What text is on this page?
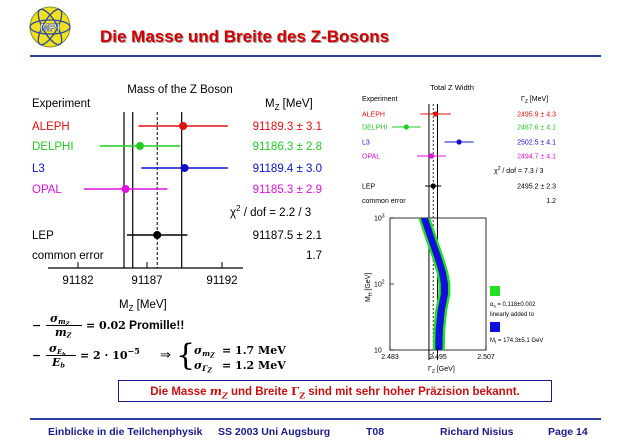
MPI Die Masse und Breite des Z-Bosons
Mass of the Z Boson
Experiment	$M_Z$ [MeV]
ALEPH	91189.3 ± 3.1
DELPHI	91186.3 ± 2.8
L3	91189.4 ± 3.0
OPAL	91185.3 ± 2.9
$\chi^2$ / dof = 2.2 / 3
LEP	91187.5 ± 2.1
common error	1.7
91182	91187	91192
$M_Z$ [MeV]
Total Z Width
Experiment	$\Gamma_Z$ [MeV]
ALEPH	2495.9 ± 4.3
DELPHI	2487.6 ± 4.1
L3	2502.5 ± 4.1
OPAL	2494.7 ± 4.1
$\chi^2$ / dof = 7.3 / 3
LEP	2495.2 ± 2.3
common error	1.2
$10^3$
$10^2$
10
2.483	2.495	2.507
$\Gamma_Z$ [GeV]
$M_H$ [GeV]
$\alpha_s = 0.118\pm 0.002$
linearly added to
$M_t = 174.3\pm 5.1$ GeV
−
σmZ
mZ
= 0.02 Promille!!
−
σEb
Eb
= $2 \cdot 10^{-5}$ ⇒ {
σmZ = 1.7 MeV
σΓZ = 1.2 MeV
Die Masse $m_Z$ und Breite $\Gamma_Z$ sind mit sehr hoher Präzision bekannt.
Einblicke in die Teilchenphysik SS 2003 Uni Augsburg	T08	Richard Nisius	Page 14
